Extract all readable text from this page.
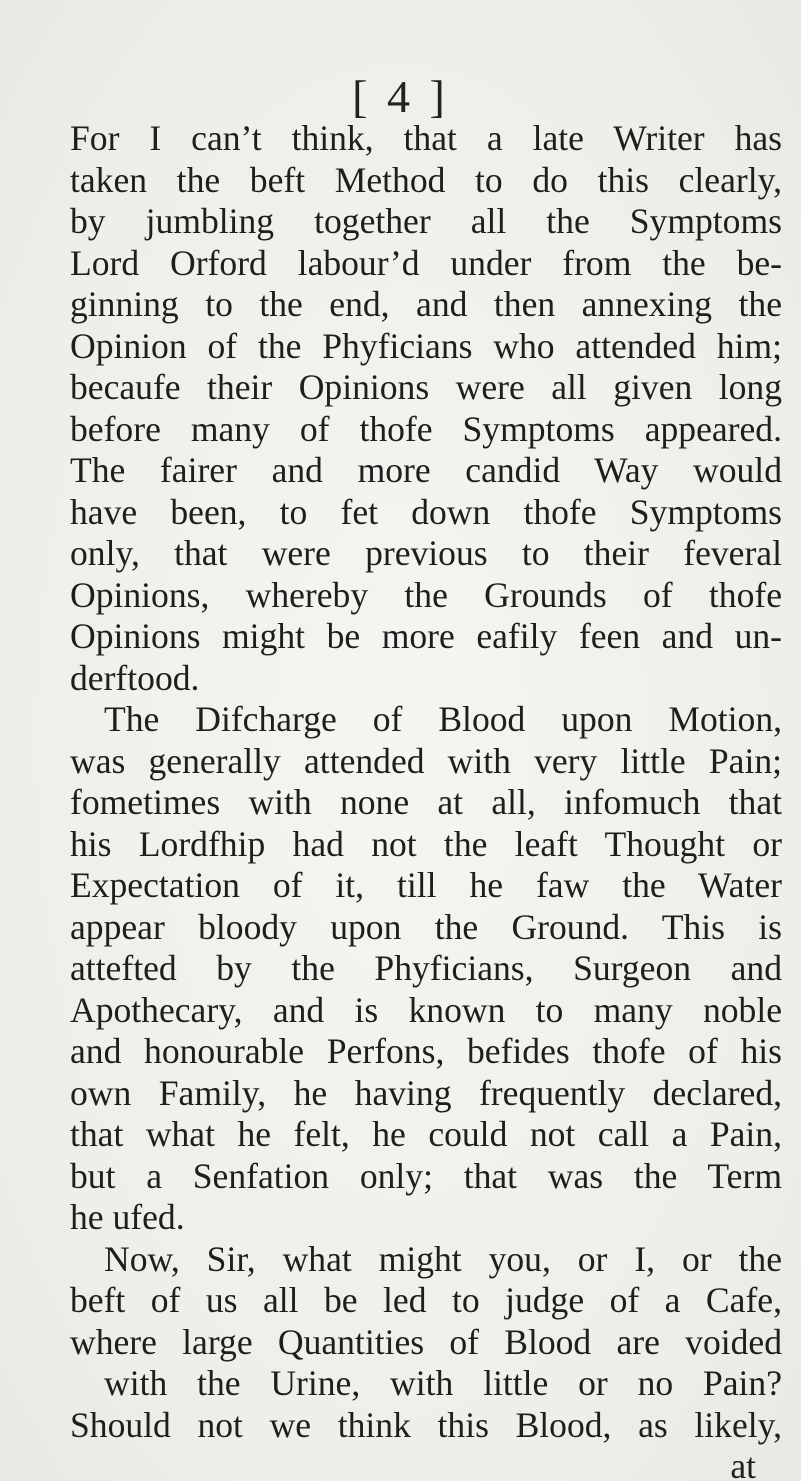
[ 4 ]
For I can’t think, that a late Writer has
taken the beft Method to do this clearly,
by jumbling together all the Symptoms
Lord Orford labour’d under from the be-
ginning to the end, and then annexing the
Opinion of the Phyficians who attended him;
becaufe their Opinions were all given long
before many of thofe Symptoms appeared.
The fairer and more candid Way would
have been, to fet down thofe Symptoms
only, that were previous to their feveral
Opinions, whereby the Grounds of thofe
Opinions might be more eafily feen and un-
derftood.
The Difcharge of Blood upon Motion,
was generally attended with very little Pain;
fometimes with none at all, infomuch that
his Lordfhip had not the leaft Thought or
Expectation of it, till he faw the Water
appear bloody upon the Ground. This is
attefted by the Phyficians, Surgeon and
Apothecary, and is known to many noble
and honourable Perfons, befides thofe of his
own Family, he having frequently declared,
that what he felt, he could not call a Pain,
but a Senfation only; that was the Term
he ufed.
Now, Sir, what might you, or I, or the
beft of us all be led to judge of a Cafe,
where large Quantities of Blood are voided
with the Urine, with little or no Pain?
Should not we think this Blood, as likely,
at
